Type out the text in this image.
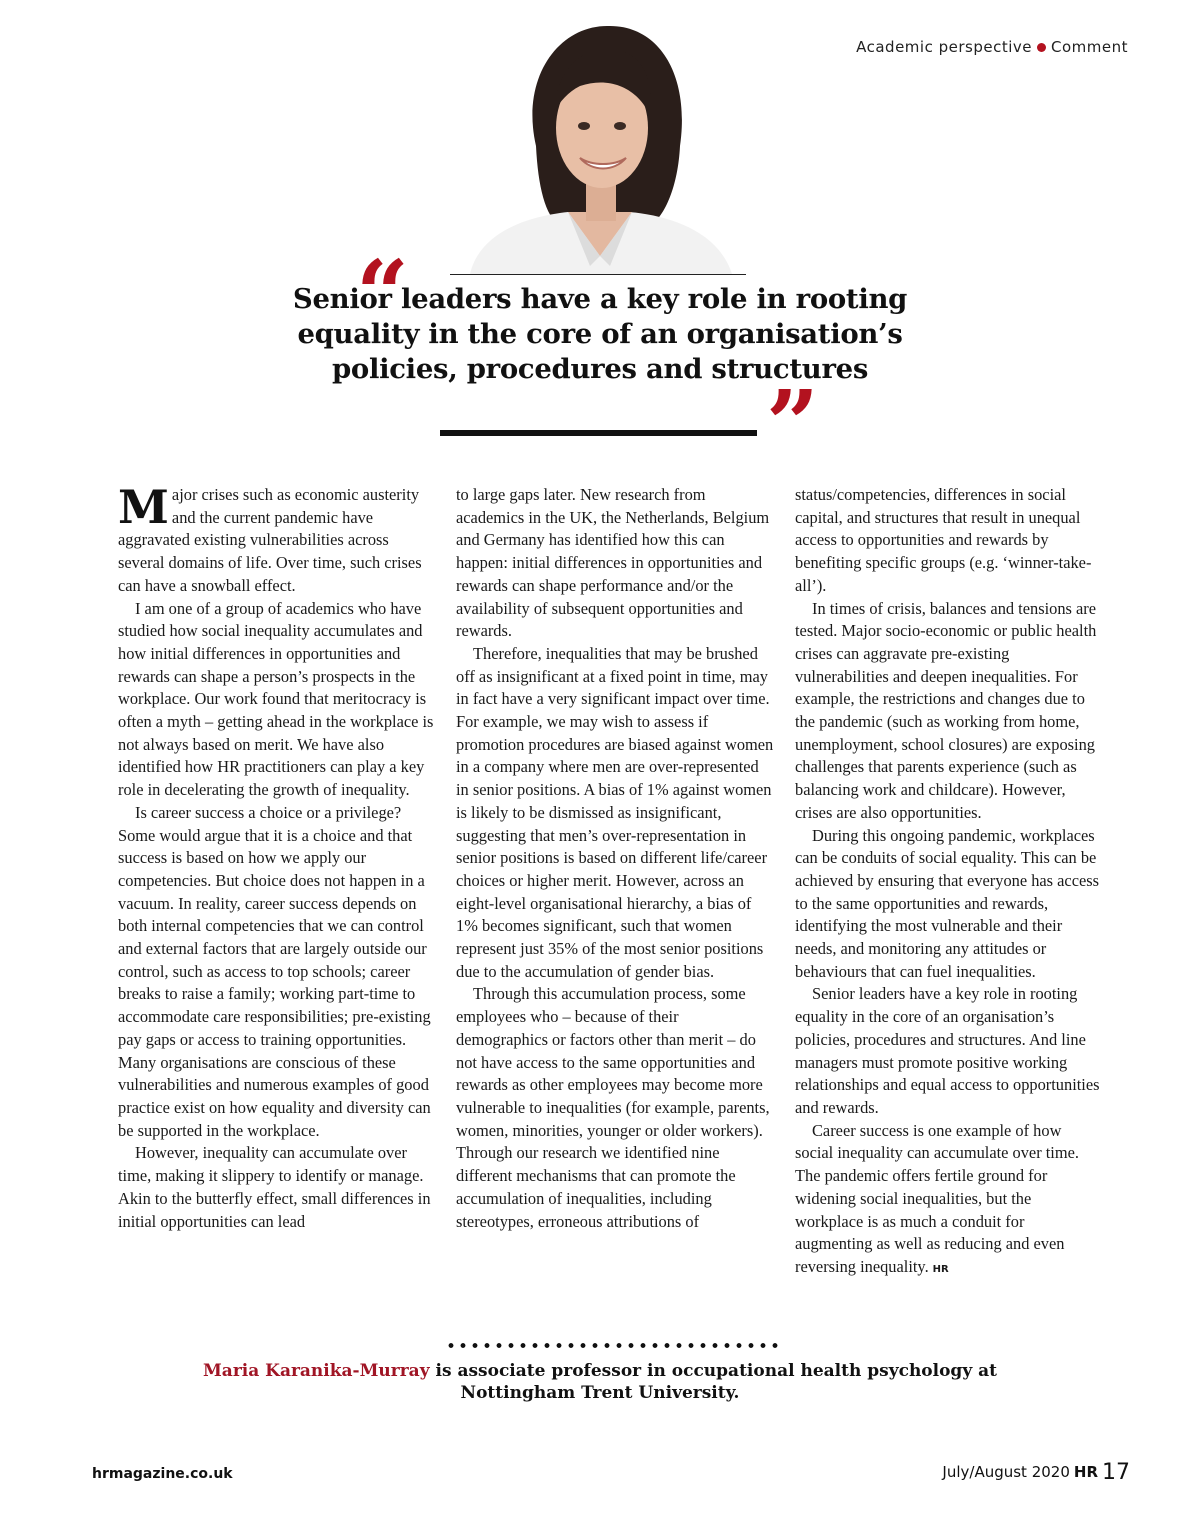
Academic perspective Comment
“

Senior leaders have a key role in rooting equality in the core of an organisation’s policies, procedures and structures

”

Major crises such as economic austerity and the current pandemic have aggravated existing vulnerabilities across several domains of life. Over time, such crises can have a snowball effect.

I am one of a group of academics who have studied how social inequality accumulates and how initial differences in opportunities and rewards can shape a person’s prospects in the workplace. Our work found that meritocracy is often a myth – getting ahead in the workplace is not always based on merit. We have also identified how HR practitioners can play a key role in decelerating the growth of inequality.

Is career success a choice or a privilege? Some would argue that it is a choice and that success is based on how we apply our competencies. But choice does not happen in a vacuum. In reality, career success depends on both internal competencies that we can control and external factors that are largely outside our control, such as access to top schools; career breaks to raise a family; working part-time to accommodate care responsibilities; pre-existing pay gaps or access to training opportunities. Many organisations are conscious of these vulnerabilities and numerous examples of good practice exist on how equality and diversity can be supported in the workplace.

However, inequality can accumulate over time, making it slippery to identify or manage. Akin to the butterfly effect, small differences in initial opportunities can lead

to large gaps later. New research from academics in the UK, the Netherlands, Belgium and Germany has identified how this can happen: initial differences in opportunities and rewards can shape performance and/or the availability of subsequent opportunities and rewards.

Therefore, inequalities that may be brushed off as insignificant at a fixed point in time, may in fact have a very significant impact over time. For example, we may wish to assess if promotion procedures are biased against women in a company where men are over-represented in senior positions. A bias of 1% against women is likely to be dismissed as insignificant, suggesting that men’s over-representation in senior positions is based on different life/career choices or higher merit. However, across an eight-level organisational hierarchy, a bias of 1% becomes significant, such that women represent just 35% of the most senior positions due to the accumulation of gender bias.

Through this accumulation process, some employees who – because of their demographics or factors other than merit – do not have access to the same opportunities and rewards as other employees may become more vulnerable to inequalities (for example, parents, women, minorities, younger or older workers). Through our research we identified nine different mechanisms that can promote the accumulation of inequalities, including stereotypes, erroneous attributions of

status/competencies, differences in social capital, and structures that result in unequal access to opportunities and rewards by benefiting specific groups (e.g. ‘winner-take-all’).

In times of crisis, balances and tensions are tested. Major socio-economic or public health crises can aggravate pre-existing vulnerabilities and deepen inequalities. For example, the restrictions and changes due to the pandemic (such as working from home, unemployment, school closures) are exposing challenges that parents experience (such as balancing work and childcare). However, crises are also opportunities.

During this ongoing pandemic, workplaces can be conduits of social equality. This can be achieved by ensuring that everyone has access to the same opportunities and rewards, identifying the most vulnerable and their needs, and monitoring any attitudes or behaviours that can fuel inequalities.

Senior leaders have a key role in rooting equality in the core of an organisation’s policies, procedures and structures. And line managers must promote positive working relationships and equal access to opportunities and rewards.

Career success is one example of how social inequality can accumulate over time. The pandemic offers fertile ground for widening social inequalities, but the workplace is as much a conduit for augmenting as well as reducing and even reversing inequality. HR

Maria Karanika-Murray is associate professor in occupational health psychology at Nottingham Trent University.

hrmagazine.co.uk	July/August 2020 HR 17
